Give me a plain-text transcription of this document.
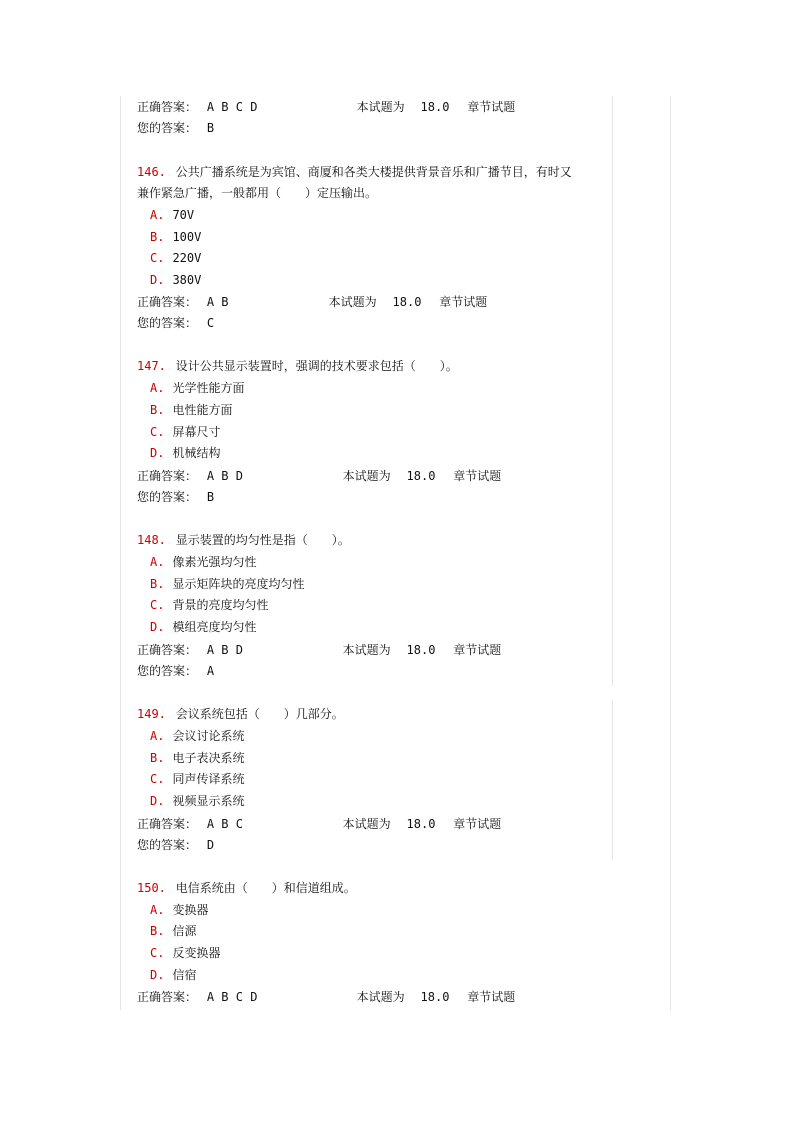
正确答案： A B C D	本试题为 18.0 章节试题
您的答案： B
146. 公共广播系统是为宾馆、商厦和各类大楼提供背景音乐和广播节目，有时又
兼作紧急广播，一般都用（　　）定压输出。
A. 70V
B. 100V
C. 220V
D. 380V
正确答案： A B	本试题为 18.0 章节试题
您的答案： C
147. 设计公共显示装置时，强调的技术要求包括（　　）。
A. 光学性能方面
B. 电性能方面
C. 屏幕尺寸
D. 机械结构
正确答案： A B D	本试题为 18.0 章节试题
您的答案： B
148. 显示装置的均匀性是指（　　）。
A. 像素光强均匀性
B. 显示矩阵块的亮度均匀性
C. 背景的亮度均匀性
D. 模组亮度均匀性
正确答案： A B D	本试题为 18.0 章节试题
您的答案： A
149. 会议系统包括（　　）几部分。
A. 会议讨论系统
B. 电子表决系统
C. 同声传译系统
D. 视频显示系统
正确答案： A B C	本试题为 18.0 章节试题
您的答案： D
150. 电信系统由（　　）和信道组成。
A. 变换器
B. 信源
C. 反变换器
D. 信宿
正确答案： A B C D	本试题为 18.0 章节试题
